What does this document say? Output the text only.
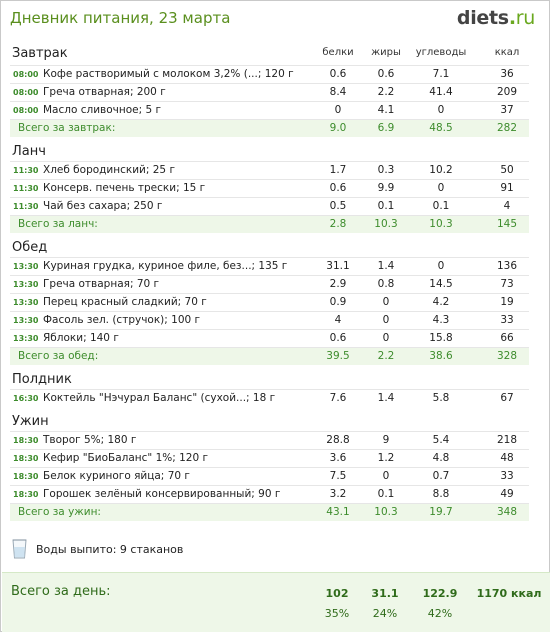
Дневник питания, 23 марта	diets.ru
белки	жиры	углеводы	ккал
Завтрак
08:00 Кофе растворимый с молоком 3,2% (...; 120 г	0.6	0.6	7.1	36
08:00 Греча отварная; 200 г	8.4	2.2	41.4	209
08:00 Масло сливочное; 5 г	0	4.1	0	37
Всего за завтрак:	9.0	6.9	48.5	282
Ланч
11:30 Хлеб бородинский; 25 г	1.7	0.3	10.2	50
11:30 Консерв. печень трески; 15 г	0.6	9.9	0	91
11:30 Чай без сахара; 250 г	0.5	0.1	0.1	4
Всего за ланч:	2.8	10.3	10.3	145
Обед
13:30 Куриная грудка, куриное филе, без...; 135 г	31.1	1.4	0	136
13:30 Греча отварная; 70 г	2.9	0.8	14.5	73
13:30 Перец красный сладкий; 70 г	0.9	0	4.2	19
13:30 Фасоль зел. (стручок); 100 г	4	0	4.3	33
13:30 Яблоки; 140 г	0.6	0	15.8	66
Всего за обед:	39.5	2.2	38.6	328
Полдник
16:30 Коктейль "Нэчурал Баланс" (сухой...; 18 г	7.6	1.4	5.8	67
Ужин
18:30 Творог 5%; 180 г	28.8	9	5.4	218
18:30 Кефир "БиоБаланс" 1%; 120 г	3.6	1.2	4.8	48
18:30 Белок куриного яйца; 70 г	7.5	0	0.7	33
18:30 Горошек зелёный консервированный; 90 г	3.2	0.1	8.8	49
Всего за ужин:	43.1	10.3	19.7	348
Воды выпито: 9 стаканов
Всего за день:	102	31.1	122.9	1170 ккал
35%	24%	42%
